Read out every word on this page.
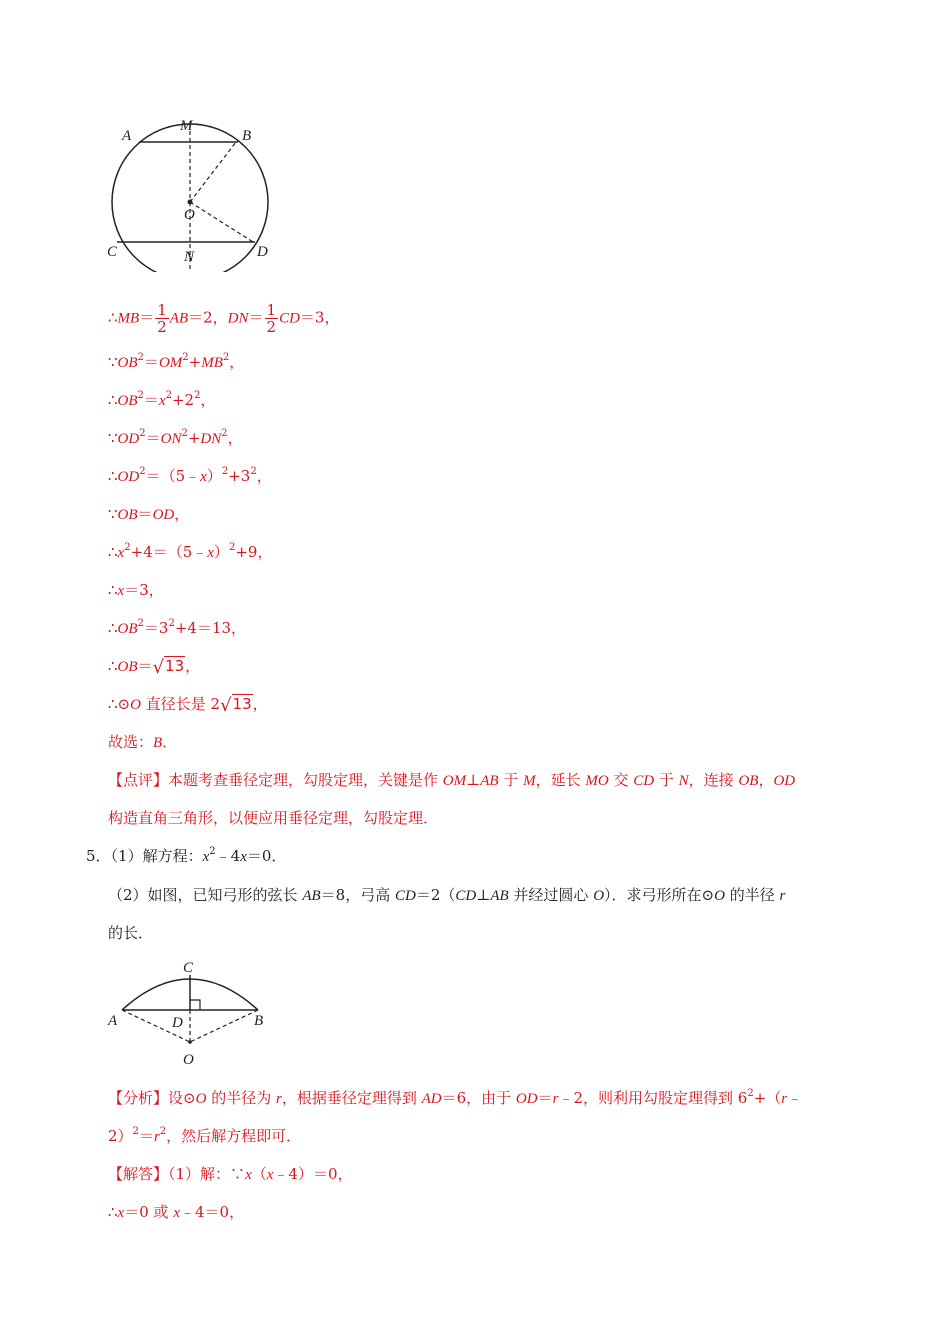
A
M
B
O
C	N	D
∴MB＝ $\frac{1}{2} AB=2$，$DN= \frac{1}{2} CD=3$，
$\because OB^2=OM^2+MB^2$，
$\therefore OB^2=x^2+2^2$，
$\because OD^2=ON^2+DN^2$，
$\therefore OD^2=(5﹣x)^2+3^2$，
∵OB＝OD，
$\therefore x^2+4=(5﹣x)^2+9$，
∴x＝3，
$\therefore OB^2=3^2+4=13$，
∴OB＝√13，
∴⊙O 直径长是 2√13，
故选：B．
【点评】本题考查垂径定理，勾股定理，关键是作 OM⊥AB 于 M，延长 MO 交 CD 于 N，连接 OB，OD
构造直角三角形，以便应用垂径定理，勾股定理．
5．（1）解方程：$x^2﹣4x=0$．
（2）如图，已知弓形的弦长 AB＝8，弓高 CD＝2（CD⊥AB 并经过圆心 O）．求弓形所在⊙O 的半径 r
的长．
C
A	D	B
O
【分析】设⊙O 的半径为 r，根据垂径定理得到 AD＝6，由于 OD＝r﹣2，则利用勾股定理得到 $6^2+(r﹣$
$2)^2=r^2$，然后解方程即可．
【解答】（1）解：∵x（x﹣4）＝0，
∴x＝0 或 x﹣4＝0，
